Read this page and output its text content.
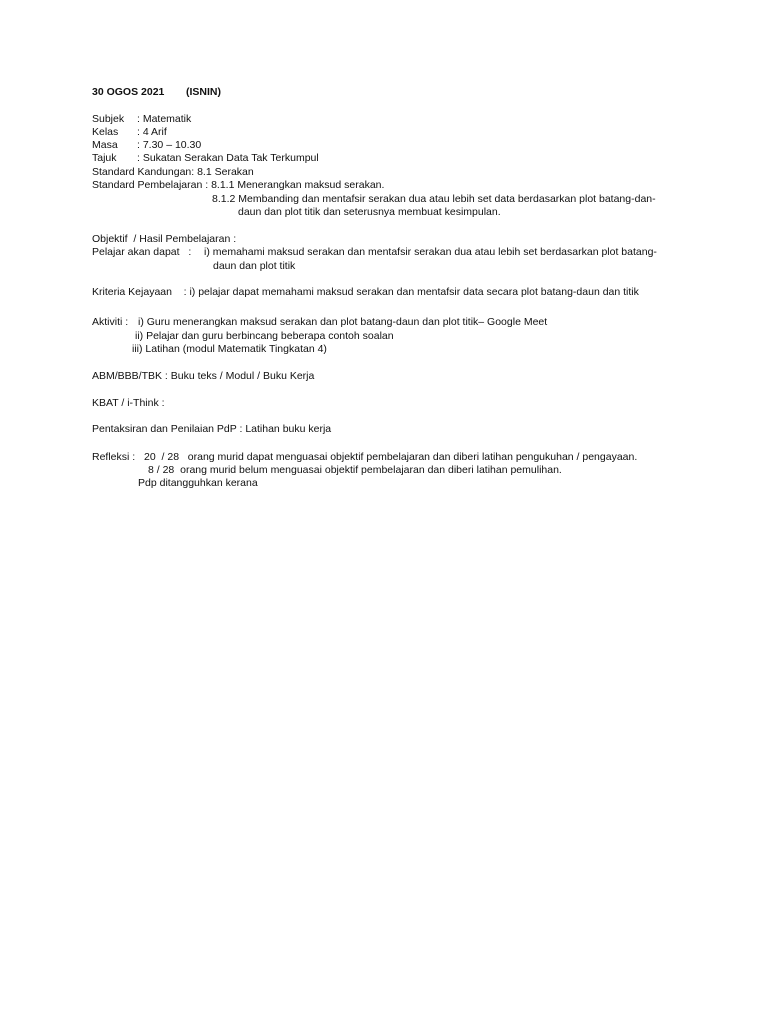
30 OGOS 2021 (ISNIN)
Subjek : Matematik
Kelas : 4 Arif
Masa : 7.30 – 10.30
Tajuk : Sukatan Serakan Data Tak Terkumpul
Standard Kandungan: 8.1 Serakan
Standard Pembelajaran : 8.1.1 Menerangkan maksud serakan.
8.1.2 Membanding dan mentafsir serakan dua atau lebih set data berdasarkan plot batang-dan-
daun dan plot titik dan seterusnya membuat kesimpulan.
Objektif  / Hasil Pembelajaran :
Pelajar akan dapat   : i) memahami maksud serakan dan mentafsir serakan dua atau lebih set berdasarkan plot batang-
daun dan plot titik
Kriteria Kejayaan    : i) pelajar dapat memahami maksud serakan dan mentafsir data secara plot batang-daun dan titik
Aktiviti : i) Guru menerangkan maksud serakan dan plot batang-daun dan plot titik– Google Meet
ii) Pelajar dan guru berbincang beberapa contoh soalan
iii) Latihan (modul Matematik Tingkatan 4)
ABM/BBB/TBK : Buku teks / Modul / Buku Kerja
KBAT / i-Think :
Pentaksiran dan Penilaian PdP : Latihan buku kerja
Refleksi : 20  / 28   orang murid dapat menguasai objektif pembelajaran dan diberi latihan pengukuhan / pengayaan.
8 / 28  orang murid belum menguasai objektif pembelajaran dan diberi latihan pemulihan.
Pdp ditangguhkan kerana
